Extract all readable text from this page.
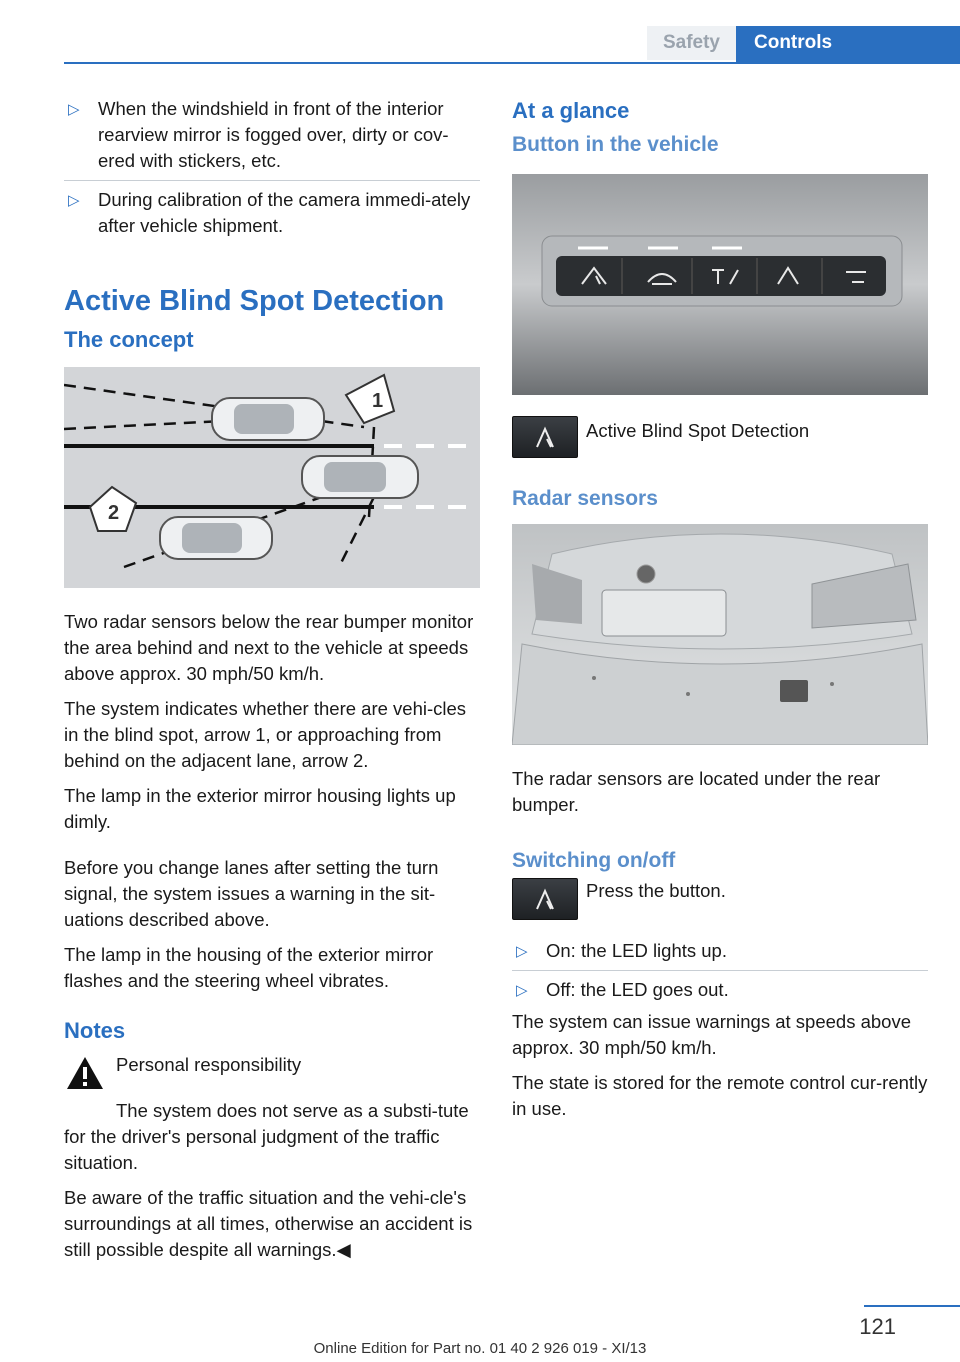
Safety	Controls
▷ When the windshield in front of the interior rearview mirror is fogged over, dirty or cov-ered with stickers, etc.
▷ During calibration of the camera immedi-ately after vehicle shipment.
Active Blind Spot Detection
The concept
1
2

Two radar sensors below the rear bumper monitor the area behind and next to the vehicle at speeds above approx. 30 mph/50 km/h.

The system indicates whether there are vehi-cles in the blind spot, arrow 1, or approaching from behind on the adjacent lane, arrow 2.

The lamp in the exterior mirror housing lights up dimly.

Before you change lanes after setting the turn signal, the system issues a warning in the sit-uations described above.

The lamp in the housing of the exterior mirror flashes and the steering wheel vibrates.

Notes
Personal responsibility

The system does not serve as a substi-tute for the driver's personal judgment of the traffic situation.

Be aware of the traffic situation and the vehi-cle's surroundings at all times, otherwise an accident is still possible despite all warnings.◀

At a glance
Button in the vehicle
Active Blind Spot Detection
Radar sensors

The radar sensors are located under the rear bumper.

Switching on/off
Press the button.
▷ On: the LED lights up.
▷ Off: the LED goes out.

The system can issue warnings at speeds above approx. 30 mph/50 km/h.

The state is stored for the remote control cur-rently in use.

121
Online Edition for Part no. 01 40 2 926 019 - XI/13
